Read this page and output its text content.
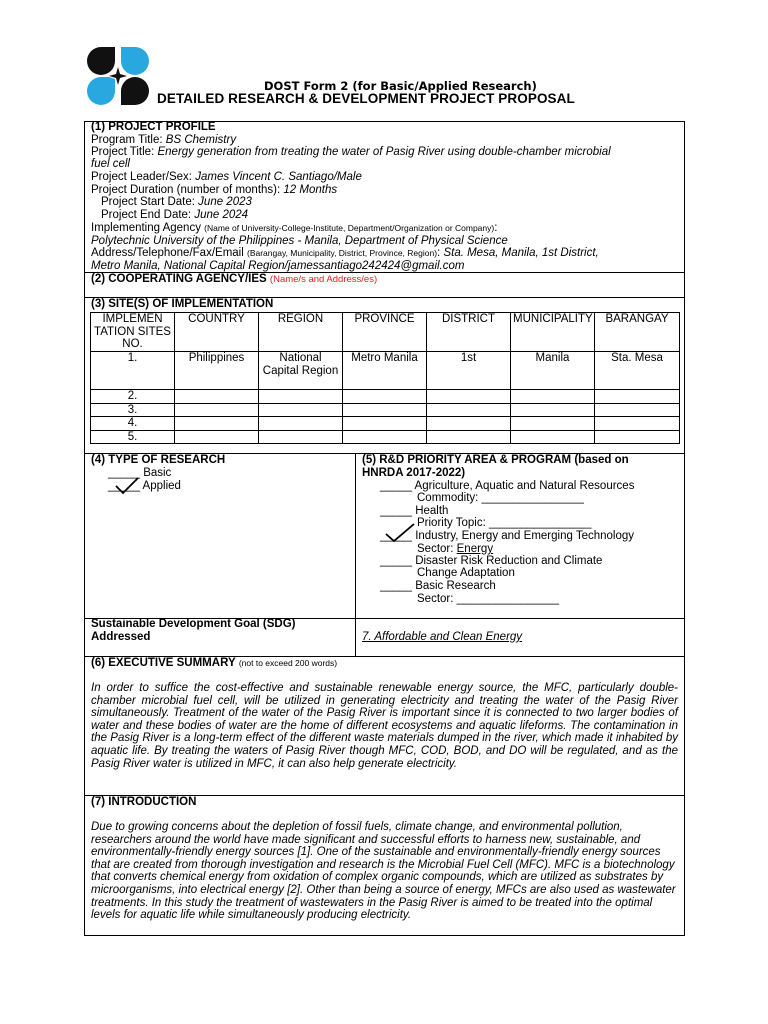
DOST Form 2 (for Basic/Applied Research)
DETAILED RESEARCH & DEVELOPMENT PROJECT PROPOSAL
(1) PROJECT PROFILE
Program Title: BS Chemistry
Project Title: Energy generation from treating the water of Pasig River using double-chamber microbial
fuel cell
Project Leader/Sex: James Vincent C. Santiago/Male
Project Duration (number of months): 12 Months
Project Start Date: June 2023
Project End Date: June 2024
Implementing Agency (Name of University-College-Institute, Department/Organization or Company):
Polytechnic University of the Philippines - Manila, Department of Physical Science
Address/Telephone/Fax/Email (Barangay, Municipality, District, Province, Region): Sta. Mesa, Manila, 1st District,
Metro Manila, National Capital Region/jamessantiago242424@gmail.com
(2) COOPERATING AGENCY/IES (Name/s and Address/es)
(3) SITE(S) OF IMPLEMENTATION
IMPLEMEN TATION SITES NO.	COUNTRY	REGION	PROVINCE	DISTRICT	MUNICIPALITY	BARANGAY
1.	Philippines	National Capital Region	Metro Manila	1st	Manila	Sta. Mesa
2.						
3.						
4.						
5.						
(4) TYPE OF RESEARCH
_____ Basic
_____ Applied
(5) R&D PRIORITY AREA & PROGRAM (based on
HNRDA 2017-2022)
_____ Agriculture, Aquatic and Natural Resources
Commodity: ________________
_____ Health
Priority Topic: ________________
_____ Industry, Energy and Emerging Technology
Sector: Energy
_____ Disaster Risk Reduction and Climate
Change Adaptation
_____ Basic Research
Sector: ________________
Sustainable Development Goal (SDG)
Addressed	7. Affordable and Clean Energy
(6) EXECUTIVE SUMMARY (not to exceed 200 words)
In order to suffice the cost-effective and sustainable renewable energy source, the MFC, particularly double-chamber microbial fuel cell, will be utilized in generating electricity and treating the water of the Pasig River simultaneously. Treatment of the water of the Pasig River is important since it is connected to two larger bodies of water and these bodies of water are the home of different ecosystems and aquatic lifeforms. The contamination in the Pasig River is a long-term effect of the different waste materials dumped in the river, which made it inhabited by aquatic life. By treating the waters of Pasig River though MFC, COD, BOD, and DO will be regulated, and as the Pasig River water is utilized in MFC, it can also help generate electricity.
(7) INTRODUCTION
Due to growing concerns about the depletion of fossil fuels, climate change, and environmental pollution, researchers around the world have made significant and successful efforts to harness new, sustainable, and environmentally-friendly energy sources [1]. One of the sustainable and environmentally-friendly energy sources that are created from thorough investigation and research is the Microbial Fuel Cell (MFC). MFC is a biotechnology that converts chemical energy from oxidation of complex organic compounds, which are utilized as substrates by microorganisms, into electrical energy [2]. Other than being a source of energy, MFCs are also used as wastewater treatments. In this study the treatment of wastewaters in the Pasig River is aimed to be treated into the optimal levels for aquatic life while simultaneously producing electricity.
